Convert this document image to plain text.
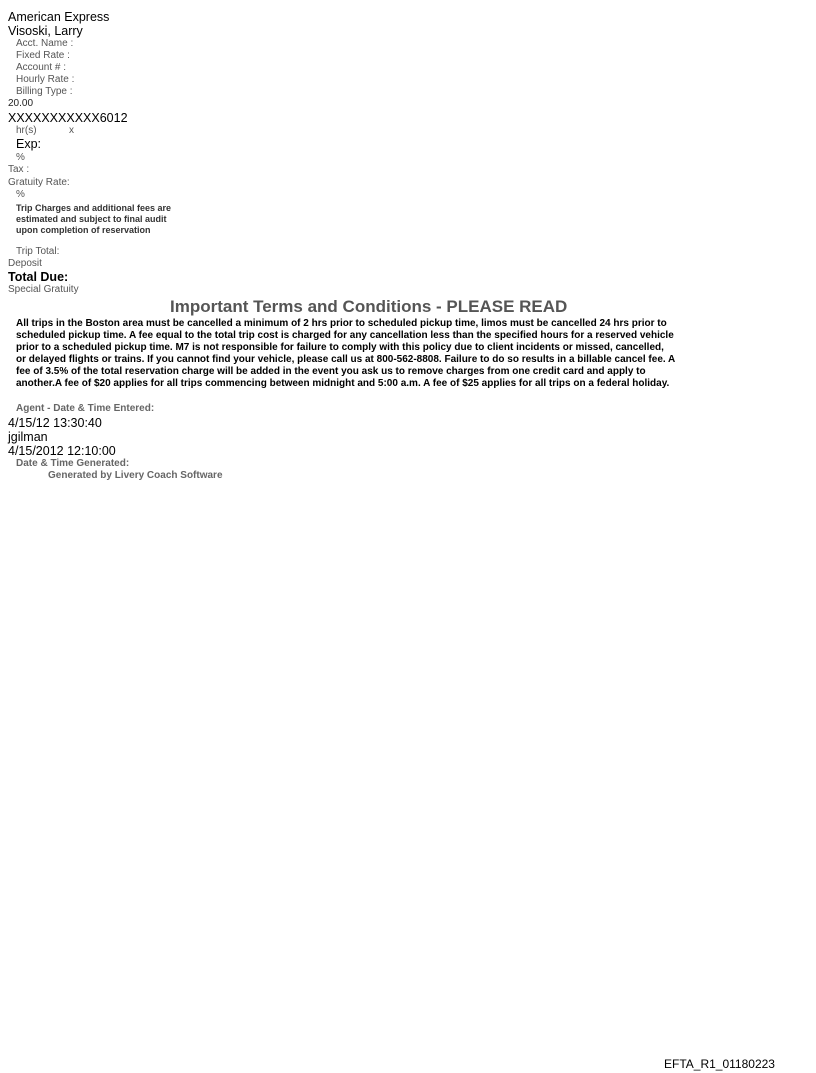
American Express
Visoski, Larry
Acct. Name :
Fixed Rate :
Account # :
Hourly Rate :
Billing Type :
20.00
XXXXXXXXXXX6012
hr(s)	x
Exp:
%
Tax :
Gratuity Rate:
%
Trip Charges and additional fees are estimated and subject to final audit upon completion of reservation
Trip Total:
Deposit
Total Due:
Special Gratuity
Important Terms and Conditions - PLEASE READ
All trips in the Boston area must be cancelled a minimum of 2 hrs prior to scheduled pickup time, limos must be cancelled 24 hrs prior to scheduled pickup time. A fee equal to the total trip cost is charged for any cancellation less than the specified hours for a reserved vehicle prior to a scheduled pickup time. M7 is not responsible for failure to comply with this policy due to client incidents or missed, cancelled, or delayed flights or trains. If you cannot find your vehicle, please call us at 800-562-8808. Failure to do so results in a billable cancel fee. A fee of 3.5% of the total reservation charge will be added in the event you ask us to remove charges from one credit card and apply to another.A fee of $20 applies for all trips commencing between midnight and 5:00 a.m. A fee of $25 applies for all trips on a federal holiday.
Agent - Date & Time Entered:
4/15/12 13:30:40
jgilman
4/15/2012 12:10:00
Date & Time Generated:
Generated by Livery Coach Software
EFTA_R1_01180223
